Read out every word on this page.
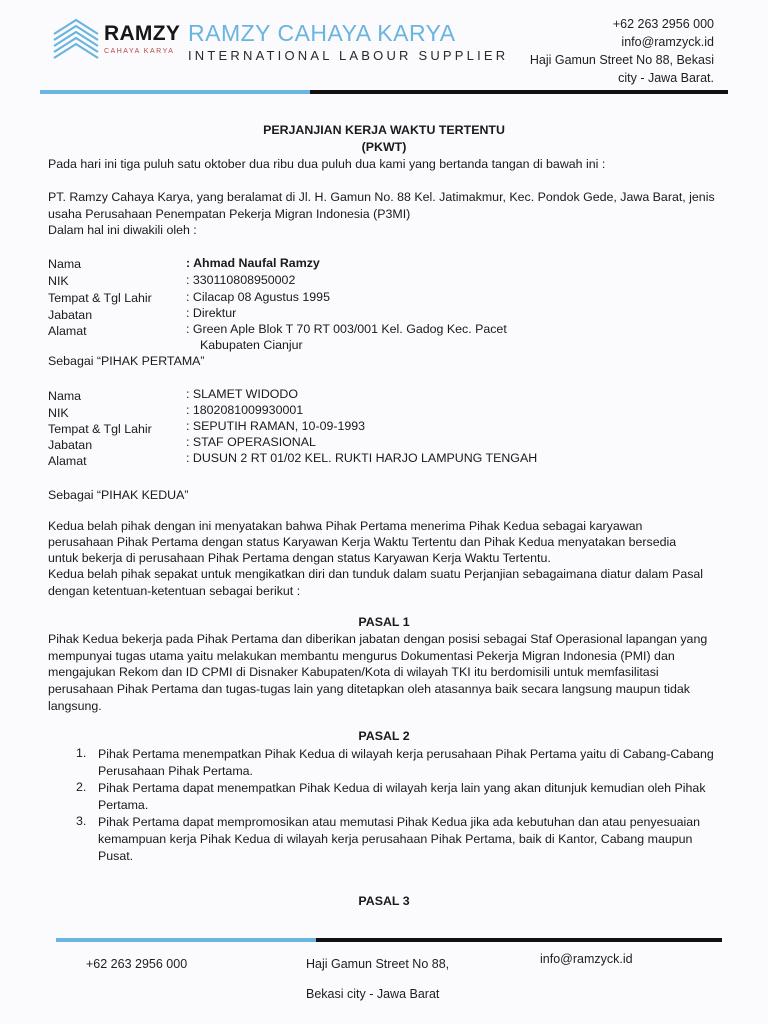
RAMZY
CAHAYA KARYA
RAMZY CAHAYA KARYA
INTERNATIONAL LABOUR SUPPLIER
+62 263 2956 000
info@ramzyck.id
Haji Gamun Street No 88, Bekasi
city - Jawa Barat.
PERJANJIAN KERJA WAKTU TERTENTU
(PKWT)
Pada hari ini tiga puluh satu oktober dua ribu dua puluh dua kami yang bertanda tangan di bawah ini :
PT. Ramzy Cahaya Karya, yang beralamat di Jl. H. Gamun No. 88 Kel. Jatimakmur, Kec. Pondok Gede, Jawa Barat, jenis
usaha Perusahaan Penempatan Pekerja Migran Indonesia (P3MI)
Dalam hal ini diwakili oleh :
Nama	: Ahmad Naufal Ramzy
NIK	: 330110808950002
Tempat & Tgl Lahir	: Cilacap 08 Agustus 1995
Jabatan	: Direktur
Alamat	: Green Aple Blok T 70 RT 003/001 Kel. Gadog Kec. Pacet
Kabupaten Cianjur
Sebagai “PIHAK PERTAMA”
Nama	: SLAMET WIDODO
NIK	: 1802081009930001
Tempat & Tgl Lahir	: SEPUTIH RAMAN, 10-09-1993
Jabatan	: STAF OPERASIONAL
Alamat	: DUSUN 2 RT 01/02 KEL. RUKTI HARJO LAMPUNG TENGAH
Sebagai “PIHAK KEDUA”
Kedua belah pihak dengan ini menyatakan bahwa Pihak Pertama menerima Pihak Kedua sebagai karyawan
perusahaan Pihak Pertama dengan status Karyawan Kerja Waktu Tertentu dan Pihak Kedua menyatakan bersedia
untuk bekerja di perusahaan Pihak Pertama dengan status Karyawan Kerja Waktu Tertentu.
Kedua belah pihak sepakat untuk mengikatkan diri dan tunduk dalam suatu Perjanjian sebagaimana diatur dalam Pasal
dengan ketentuan-ketentuan sebagai berikut :
PASAL 1
Pihak Kedua bekerja pada Pihak Pertama dan diberikan jabatan dengan posisi sebagai Staf Operasional lapangan yang
mempunyai tugas utama yaitu melakukan membantu mengurus Dokumentasi Pekerja Migran Indonesia (PMI) dan
mengajukan Rekom dan ID CPMI di Disnaker Kabupaten/Kota di wilayah TKI itu berdomisili untuk memfasilitasi
perusahaan Pihak Pertama dan tugas-tugas lain yang ditetapkan oleh atasannya baik secara langsung maupun tidak
langsung.
PASAL 2
1. Pihak Pertama menempatkan Pihak Kedua di wilayah kerja perusahaan Pihak Pertama yaitu di Cabang-Cabang
Perusahaan Pihak Pertama.
2. Pihak Pertama dapat menempatkan Pihak Kedua di wilayah kerja lain yang akan ditunjuk kemudian oleh Pihak
Pertama.
3. Pihak Pertama dapat mempromosikan atau memutasi Pihak Kedua jika ada kebutuhan dan atau penyesuaian
kemampuan kerja Pihak Kedua di wilayah kerja perusahaan Pihak Pertama, baik di Kantor, Cabang maupun
Pusat.
PASAL 3
+62 263 2956 000	Haji Gamun Street No 88,
Bekasi city - Jawa Barat
info@ramzyck.id
